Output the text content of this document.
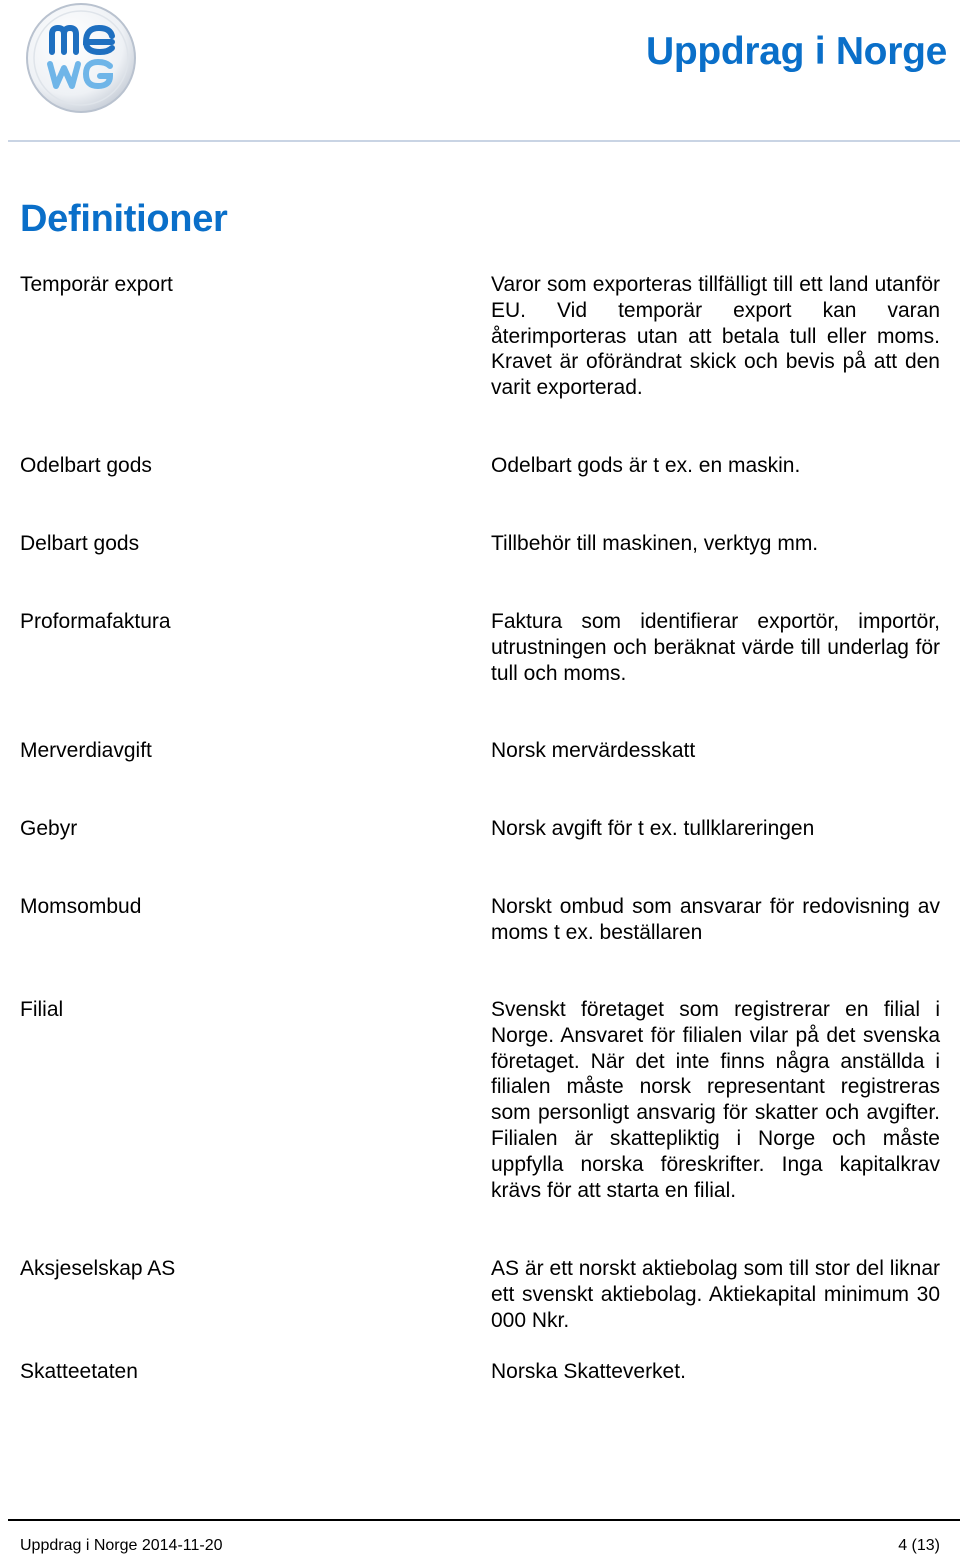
Uppdrag i Norge
Definitioner
Temporär export	Varor som exporteras tillfälligt till ett land utanför EU. Vid temporär export kan varan återimporteras utan att betala tull eller moms. Kravet är oförändrat skick och bevis på att den varit exporterad.
Odelbart gods	Odelbart gods är t ex. en maskin.
Delbart gods	Tillbehör till maskinen, verktyg mm.
Proformafaktura	Faktura som identifierar exportör, importör, utrustningen och beräknat värde till underlag för tull och moms.
Merverdiavgift	Norsk mervärdesskatt
Gebyr	Norsk avgift för t ex. tullklareringen
Momsombud	Norskt ombud som ansvarar för redovisning av moms t ex. beställaren
Filial	Svenskt företaget som registrerar en filial i Norge. Ansvaret för filialen vilar på det svenska företaget. När det inte finns några anställda i filialen måste norsk representant registreras som personligt ansvarig för skatter och avgifter. Filialen är skattepliktig i Norge och måste uppfylla norska föreskrifter. Inga kapitalkrav krävs för att starta en filial.
Aksjeselskap AS	AS är ett norskt aktiebolag som till stor del liknar ett svenskt aktiebolag. Aktiekapital minimum 30 000 Nkr.
Skatteetaten	Norska Skatteverket.
Uppdrag i Norge 2014-11-20	4 (13)
